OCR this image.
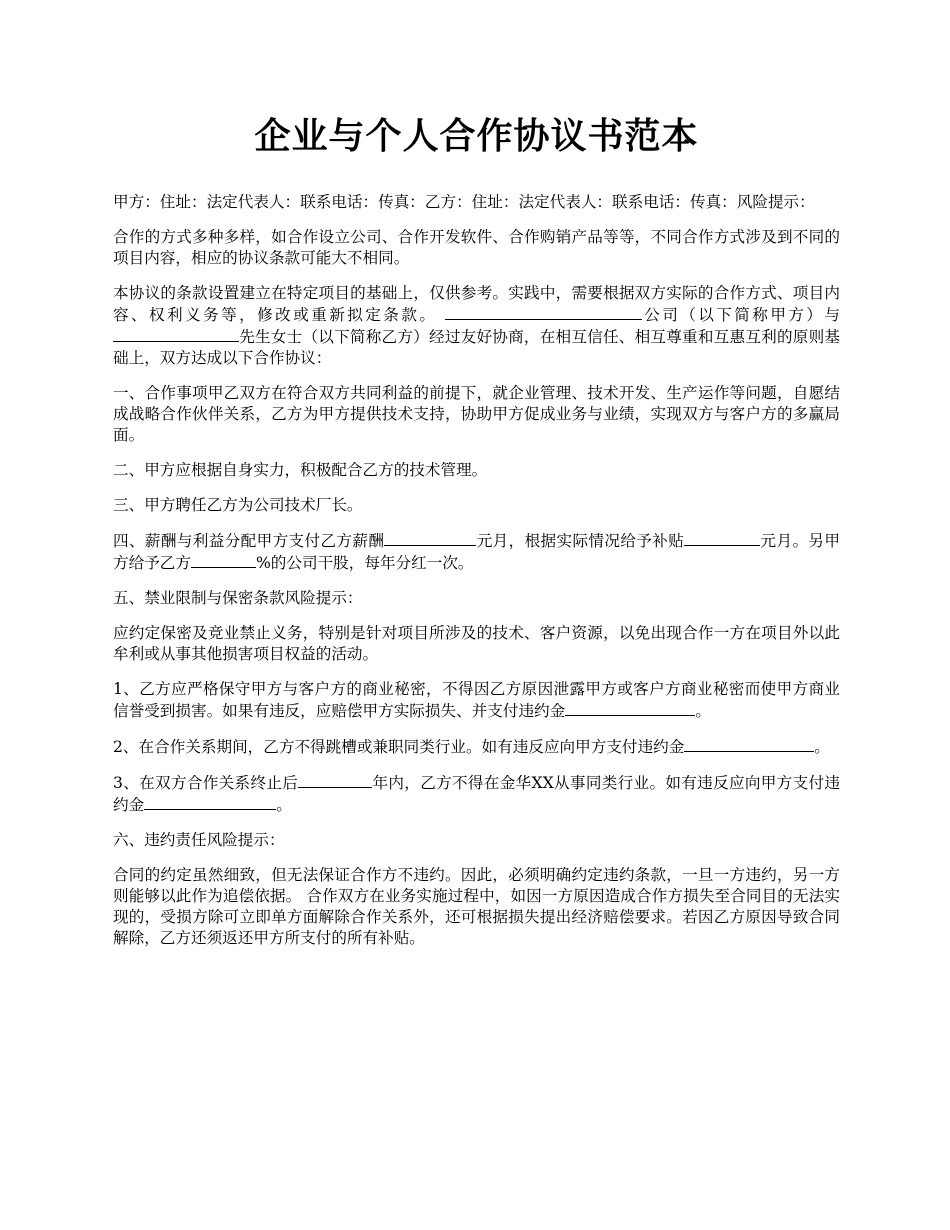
企业与个人合作协议书范本

甲方：住址：法定代表人：联系电话：传真：乙方：住址：法定代表人：联系电话：传真：风险提示：

合作的方式多种多样，如合作设立公司、合作开发软件、合作购销产品等等，不同合作方式涉及到不同的项目内容，相应的协议条款可能大不相同。

本协议的条款设置建立在特定项目的基础上，仅供参考。实践中，需要根据双方实际的合作方式、项目内容、权利义务等，修改或重新拟定条款。	公司（以下简称甲方）与先生女士（以下简称乙方）经过友好协商，在相互信任、相互尊重和互惠互利的原则基础上，双方达成以下合作协议：

一、合作事项甲乙双方在符合双方共同利益的前提下，就企业管理、技术开发、生产运作等问题，自愿结成战略合作伙伴关系，乙方为甲方提供技术支持，协助甲方促成业务与业绩，实现双方与客户方的多赢局面。

二、甲方应根据自身实力，积极配合乙方的技术管理。

三、甲方聘任乙方为公司技术厂长。

四、薪酬与利益分配甲方支付乙方薪酬	元月，根据实际情况给予补贴	元月。另甲方给予乙方	%的公司干股，每年分红一次。

五、禁业限制与保密条款风险提示：

应约定保密及竞业禁止义务，特别是针对项目所涉及的技术、客户资源，以免出现合作一方在项目外以此牟利或从事其他损害项目权益的活动。

1、乙方应严格保守甲方与客户方的商业秘密，不得因乙方原因泄露甲方或客户方商业秘密而使甲方商业信誉受到损害。如果有违反，应赔偿甲方实际损失、并支付违约金	。

2、在合作关系期间，乙方不得跳槽或兼职同类行业。如有违反应向甲方支付违约金	。

3、在双方合作关系终止后	年内，乙方不得在金华XX从事同类行业。如有违反应向甲方支付违约金	。

六、违约责任风险提示：

合同的约定虽然细致，但无法保证合作方不违约。因此，必须明确约定违约条款，一旦一方违约，另一方则能够以此作为追偿依据。 合作双方在业务实施过程中，如因一方原因造成合作方损失至合同目的无法实现的，受损方除可立即单方面解除合作关系外，还可根据损失提出经济赔偿要求。若因乙方原因导致合同解除，乙方还须返还甲方所支付的所有补贴。
